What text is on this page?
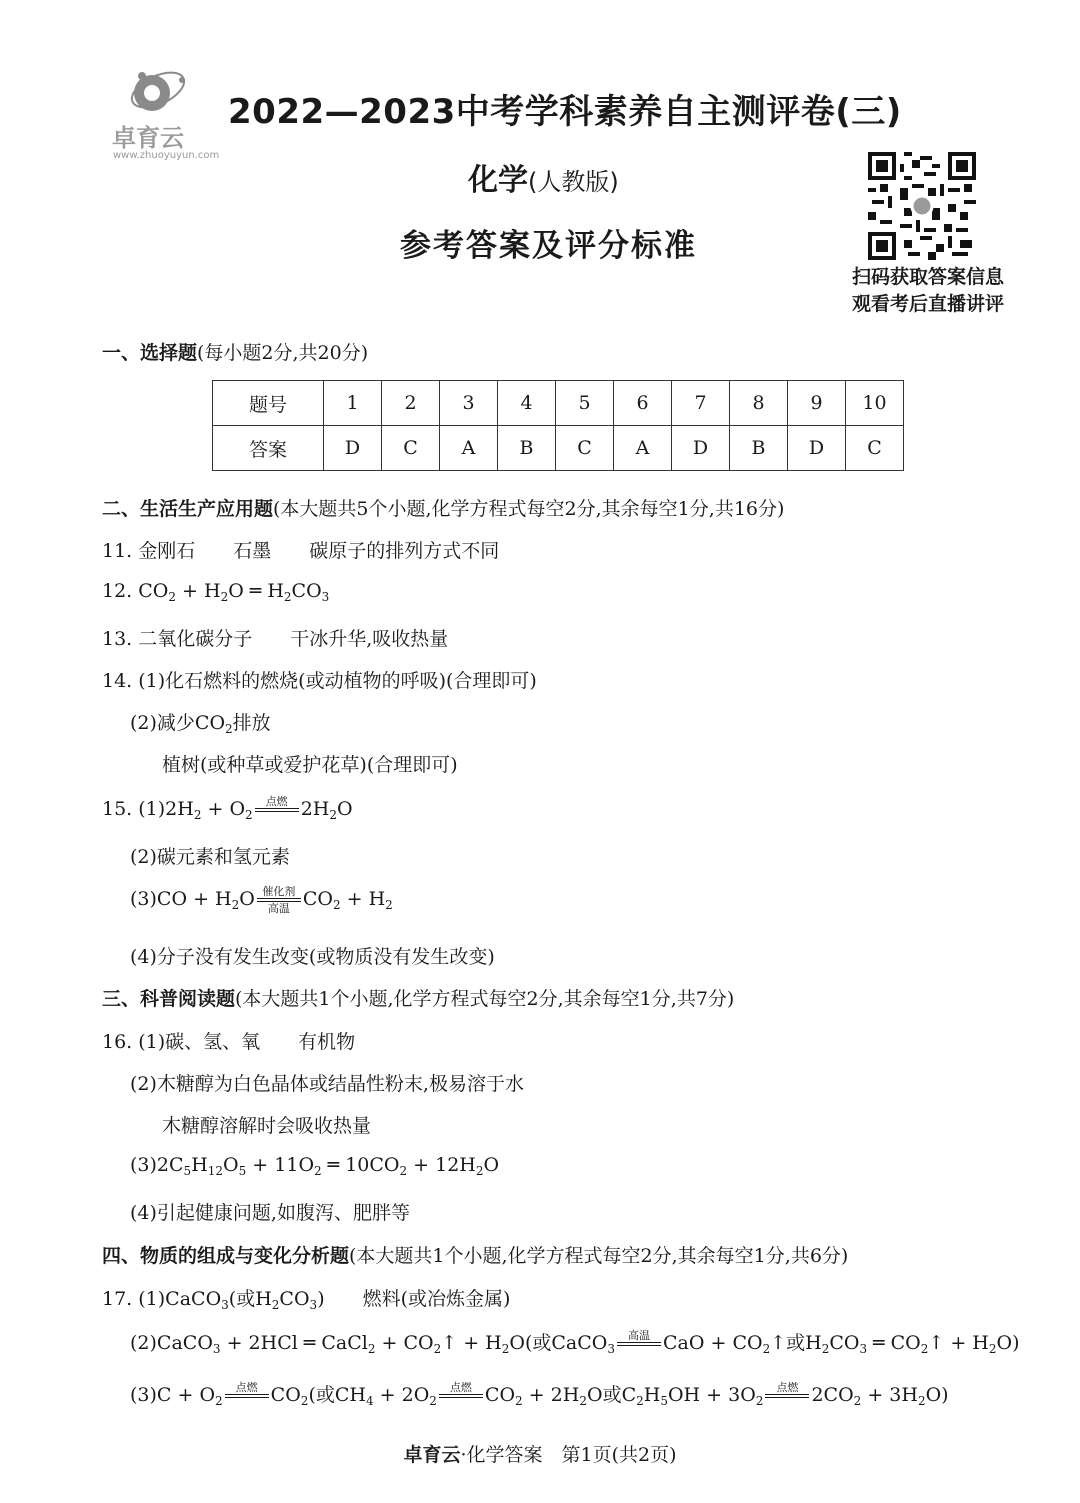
卓育云
www.zhuoyuyun.com
2022—2023中考学科素养自主测评卷(三)
化学(人教版)
参考答案及评分标准
扫码获取答案信息
观看考后直播讲评
一、选择题(每小题2分,共20分)
题号	1	2	3	4	5	6	7	8	9	10
答案	D	C	A	B	C	A	D	B	D	C
二、生活生产应用题(本大题共5个小题,化学方程式每空2分,其余每空1分,共16分)
11. 金刚石　　石墨　　碳原子的排列方式不同
12. $CO_2 + H_2O$ ═ $H_2CO_3$
13. 二氧化碳分子　　干冰升华,吸收热量
14. (1)化石燃料的燃烧(或动植物的呼吸)(合理即可)
(2)减少$CO_2$排放
植树(或种草或爱护花草)(合理即可)
15. $(1)2H_2 + O_2$
点燃
$2H_2O$
(2)碳元素和氢元素
$(3)CO + H_2O$ 催化剂
高温 $CO_2 + H_2$
(4)分子没有发生改变(或物质没有发生改变)
三、科普阅读题(本大题共1个小题,化学方程式每空2分,其余每空1分,共7分)
16. (1)碳、氢、氧　　有机物
(2)木糖醇为白色晶体或结晶性粉末,极易溶于水
木糖醇溶解时会吸收热量
$(3)2C_5H_{12}O_5 + 11O_2$ ═ $10CO_2 + 12H_2O$
(4)引起健康问题,如腹泻、肥胖等
四、物质的组成与变化分析题(本大题共1个小题,化学方程式每空2分,其余每空1分,共6分)
17. (1)CaCO$_3$(或$H_2CO_3$)　　燃料(或冶炼金属)
(2)CaCO$_3$ + 2HCl ═ CaCl$_2$ + $CO_2↑ + H_2O$(或CaCO$_3$
高温
CaO + $CO_2↑$或$H_2CO_3$ ═ $CO_2↑ + H_2O$)
$(3)C + O_2$
点燃
$CO_2$(或$CH_4 + 2O_2$
点燃
$CO_2 + 2H_2O$或$C_2H_5OH + 3O_2$
点燃
$2CO_2 + 3H_2O$)
卓育云·化学答案　第1页(共2页)
